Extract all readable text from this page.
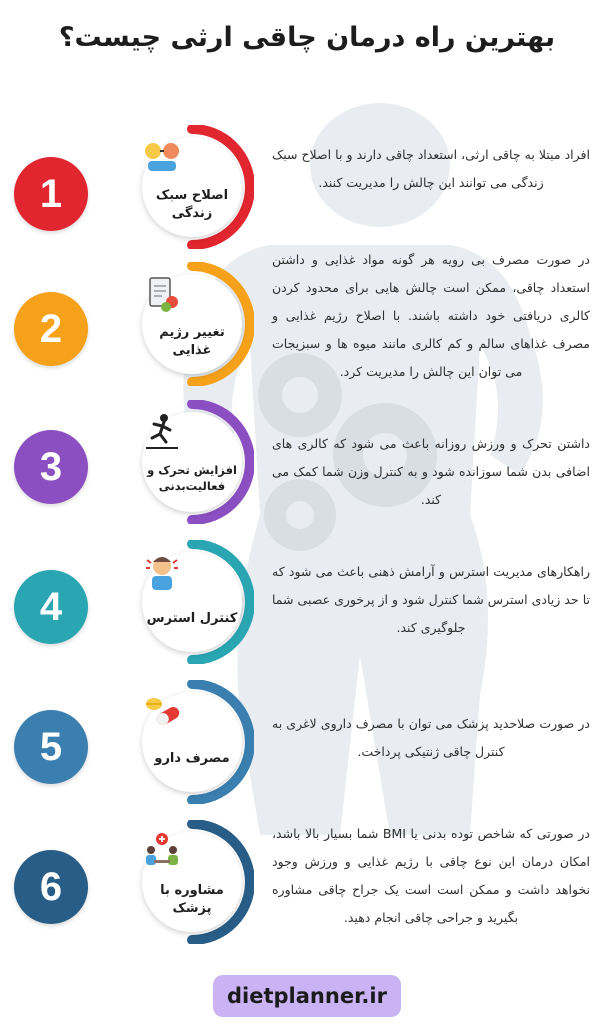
بهترین راه درمان چاقی ارثی چیست؟
1	اصلاح سبک زندگی
افراد مبتلا به چاقی ارثی، استعداد چاقی دارند و با اصلاح سبک زندگی می توانند این چالش را مدیریت کنند.
2	تغییر رژیم غذایی
در صورت مصرف بی رویه هر گونه مواد غذایی و داشتن استعداد چاقی، ممکن است چالش هایی برای محدود کردن کالری دریافتی خود داشته باشند. با اصلاح رژیم غذایی و مصرف غذاهای سالم و کم کالری مانند میوه ها و سبزیجات می توان این چالش را مدیریت کرد.
3	افزایش تحرک و فعالیت‌بدنی
داشتن تحرک و ورزش روزانه باعث می شود که کالری های اضافی بدن شما سوزانده شود و به کنترل وزن شما کمک می کند.
4	کنترل استرس
راهکارهای مدیریت استرس و آرامش ذهنی باعث می شود که تا حد زیادی استرس شما کنترل شود و از پرخوری عصبی شما جلوگیری کند.
5	مصرف دارو
در صورت صلاحدید پزشک می توان با مصرف داروی لاغری به کنترل چاقی ژنتیکی پرداخت.
6	مشاوره با پزشک
در صورتی که شاخص توده بدنی یا BMI شما بسیار بالا باشد، امکان درمان این نوع چاقی با رژیم غذایی و ورزش وجود نخواهد داشت و ممکن است است یک جراح چاقی مشاوره بگیرید و جراحی چاقی انجام دهید.
dietplanner.ir
